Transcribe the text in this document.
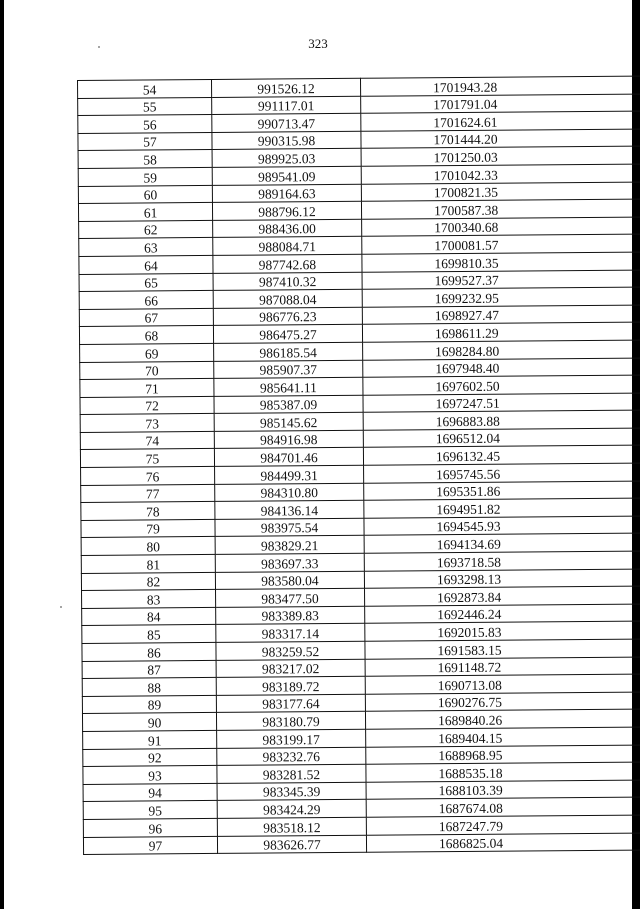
323
54	991526.12	1701943.28
55	991117.01	1701791.04
56	990713.47	1701624.61
57	990315.98	1701444.20
58	989925.03	1701250.03
59	989541.09	1701042.33
60	989164.63	1700821.35
61	988796.12	1700587.38
62	988436.00	1700340.68
63	988084.71	1700081.57
64	987742.68	1699810.35
65	987410.32	1699527.37
66	987088.04	1699232.95
67	986776.23	1698927.47
68	986475.27	1698611.29
69	986185.54	1698284.80
70	985907.37	1697948.40
71	985641.11	1697602.50
72	985387.09	1697247.51
73	985145.62	1696883.88
74	984916.98	1696512.04
75	984701.46	1696132.45
76	984499.31	1695745.56
77	984310.80	1695351.86
78	984136.14	1694951.82
79	983975.54	1694545.93
80	983829.21	1694134.69
81	983697.33	1693718.58
82	983580.04	1693298.13
83	983477.50	1692873.84
84	983389.83	1692446.24
85	983317.14	1692015.83
86	983259.52	1691583.15
87	983217.02	1691148.72
88	983189.72	1690713.08
89	983177.64	1690276.75
90	983180.79	1689840.26
91	983199.17	1689404.15
92	983232.76	1688968.95
93	983281.52	1688535.18
94	983345.39	1688103.39
95	983424.29	1687674.08
96	983518.12	1687247.79
97	983626.77	1686825.04
